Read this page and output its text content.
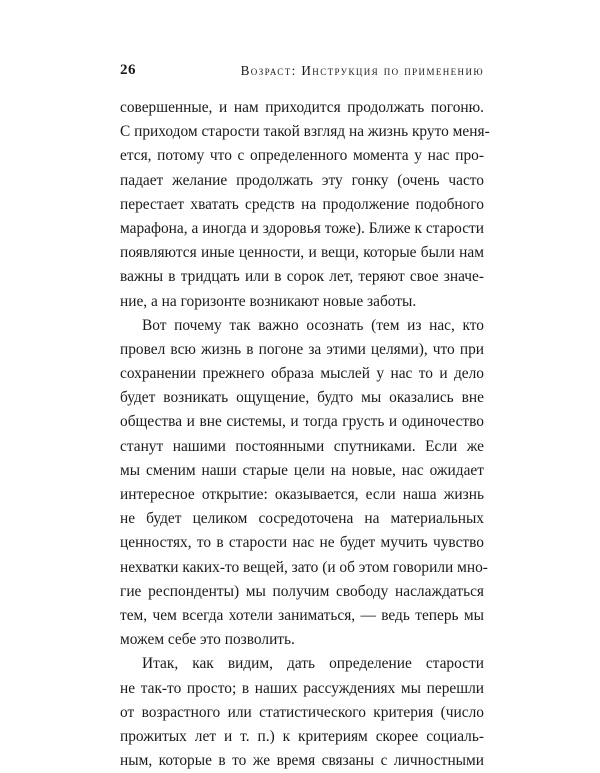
26	Возраст: Инструкция по применению
совершенные, и нам приходится продолжать погоню.
С приходом старости такой взгляд на жизнь круто меня-
ется, потому что с определенного момента у нас про-
падает желание продолжать эту гонку (очень часто
перестает хватать средств на продолжение подобного
марафона, а иногда и здоровья тоже). Ближе к старости
появляются иные ценности, и вещи, которые были нам
важны в тридцать или в сорок лет, теряют свое значе-
ние, а на горизонте возникают новые заботы.
Вот почему так важно осознать (тем из нас, кто
провел всю жизнь в погоне за этими целями), что при
сохранении прежнего образа мыслей у нас то и дело
будет возникать ощущение, будто мы оказались вне
общества и вне системы, и тогда грусть и одиночество
станут нашими постоянными спутниками. Если же
мы сменим наши старые цели на новые, нас ожидает
интересное открытие: оказывается, если наша жизнь
не будет целиком сосредоточена на материальных
ценностях, то в старости нас не будет мучить чувство
нехватки каких-то вещей, зато (и об этом говорили мно-
гие респонденты) мы получим свободу наслаждаться
тем, чем всегда хотели заниматься, — ведь теперь мы
можем себе это позволить.
Итак, как видим, дать определение старости
не так-то просто; в наших рассуждениях мы перешли
от возрастного или статистического критерия (число
прожитых лет и т. п.) к критериям скорее социаль-
ным, которые в то же время связаны с личностными
